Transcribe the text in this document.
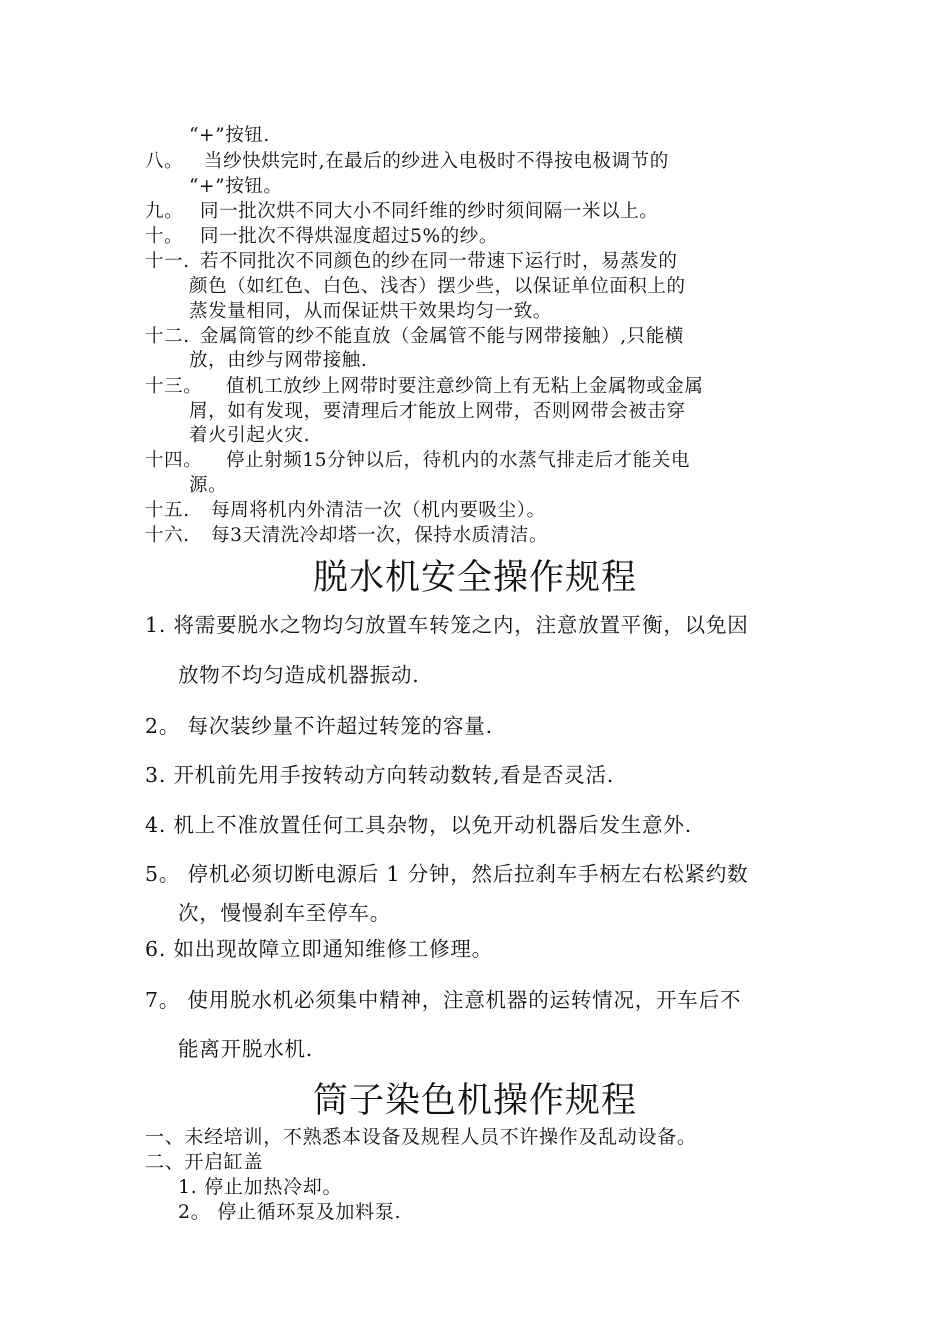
“+”按钮.
八。 当纱快烘完时,在最后的纱进入电极时不得按电极调节的
“+”按钮。
九。 同一批次烘不同大小不同纤维的纱时须间隔一米以上。
十。 同一批次不得烘湿度超过5%的纱。
十一. 若不同批次不同颜色的纱在同一带速下运行时，易蒸发的
颜色（如红色、白色、浅杏）摆少些，以保证单位面积上的
蒸发量相同，从而保证烘干效果均匀一致。
十二. 金属筒管的纱不能直放（金属管不能与网带接触）,只能横
放，由纱与网带接触.
十三。 值机工放纱上网带时要注意纱筒上有无粘上金属物或金属
屑，如有发现，要清理后才能放上网带，否则网带会被击穿
着火引起火灾.
十四。 停止射频15分钟以后，待机内的水蒸气排走后才能关电
源。
十五. 每周将机内外清洁一次（机内要吸尘）。
十六. 每3天清洗冷却塔一次，保持水质清洁。
脱水机安全操作规程
1. 将需要脱水之物均匀放置车转笼之内，注意放置平衡，以免因
放物不均匀造成机器振动.
2。 每次装纱量不许超过转笼的容量.
3. 开机前先用手按转动方向转动数转,看是否灵活.
4. 机上不准放置任何工具杂物，以免开动机器后发生意外.
5。 停机必须切断电源后 1 分钟，然后拉刹车手柄左右松紧约数
次，慢慢刹车至停车。
6. 如出现故障立即通知维修工修理。
7。 使用脱水机必须集中精神，注意机器的运转情况，开车后不
能离开脱水机.
筒子染色机操作规程
一、未经培训，不熟悉本设备及规程人员不许操作及乱动设备。
二、开启缸盖
1. 停止加热冷却。
2。 停止循环泵及加料泵.
